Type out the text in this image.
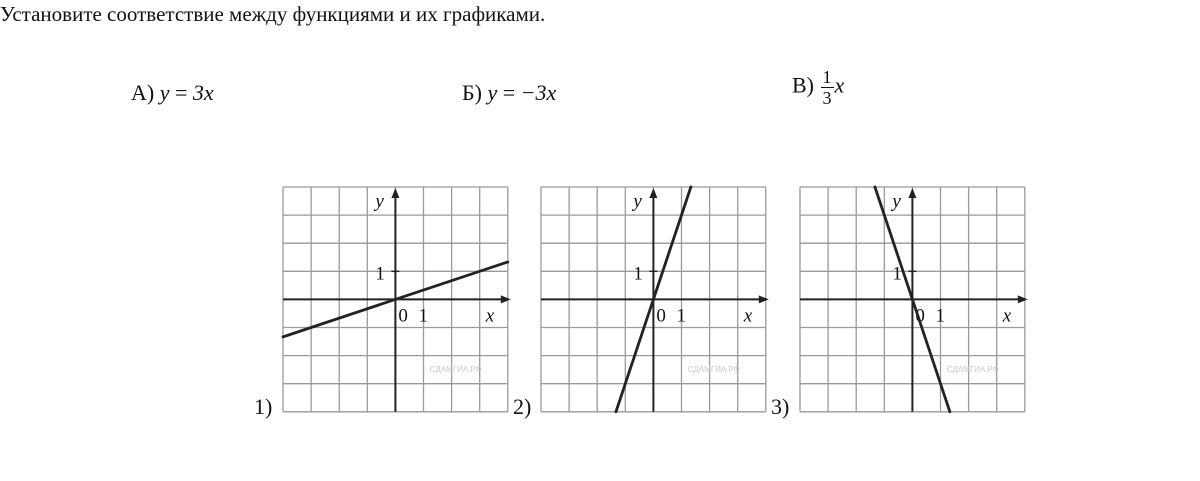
Установите соответствие между функциями и их графиками.
А) y = 3x	Б) y = −3x	$В) \frac{1}{3}$ x
1)	2)	3)
СДАМГИА.РФ
y
x
0 1
1
СДАМГИА.РФ
y
x
0 1
1
СДАМГИА.РФ
y
x
0 1
1
